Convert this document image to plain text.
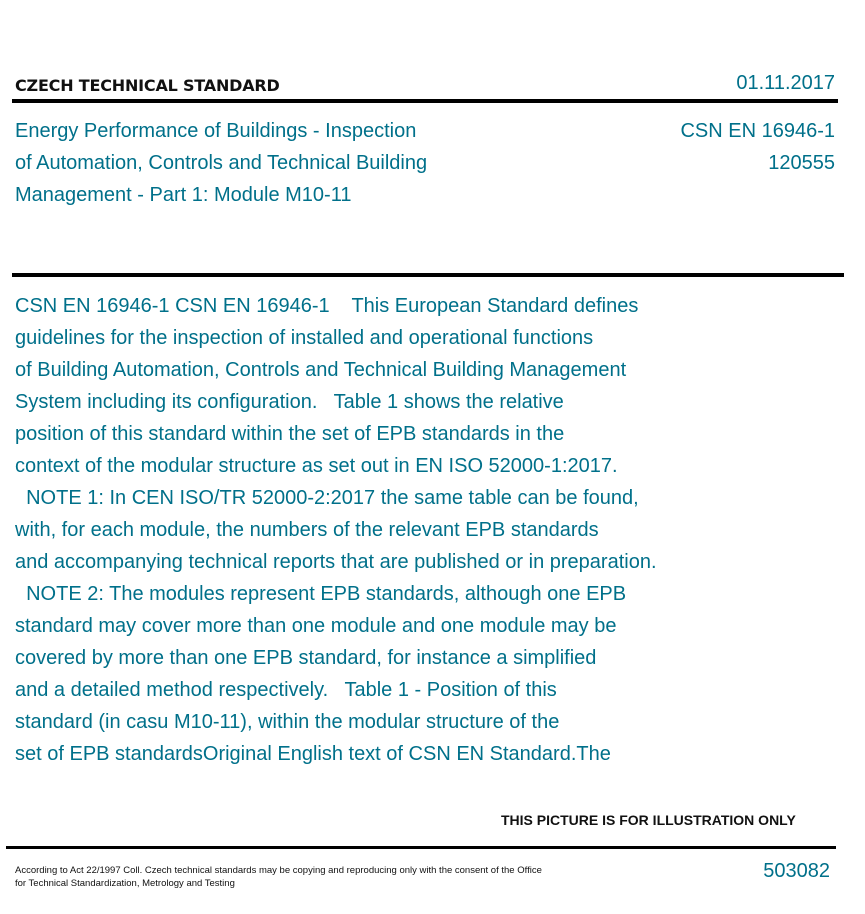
CZECH TECHNICAL STANDARD	01.11.2017
Energy Performance of Buildings - Inspection
of Automation, Controls and Technical Building
Management - Part 1: Module M10-11
CSN EN 16946-1
120555
CSN EN 16946-1 CSN EN 16946-1    This European Standard defines
guidelines for the inspection of installed and operational functions
of Building Automation, Controls and Technical Building Management
System including its configuration.   Table 1 shows the relative
position of this standard within the set of EPB standards in the
context of the modular structure as set out in EN ISO 52000-1:2017.
NOTE 1: In CEN ISO/TR 52000-2:2017 the same table can be found,
with, for each module, the numbers of the relevant EPB standards
and accompanying technical reports that are published or in preparation.
NOTE 2: The modules represent EPB standards, although one EPB
standard may cover more than one module and one module may be
covered by more than one EPB standard, for instance a simplified
and a detailed method respectively.   Table 1 - Position of this
standard (in casu M10-11), within the modular structure of the
set of EPB standardsOriginal English text of CSN EN Standard.The
THIS PICTURE IS FOR ILLUSTRATION ONLY
According to Act 22/1997 Coll. Czech technical standards may be copying and reproducing only with the consent of the Office
for Technical Standardization, Metrology and Testing
503082
